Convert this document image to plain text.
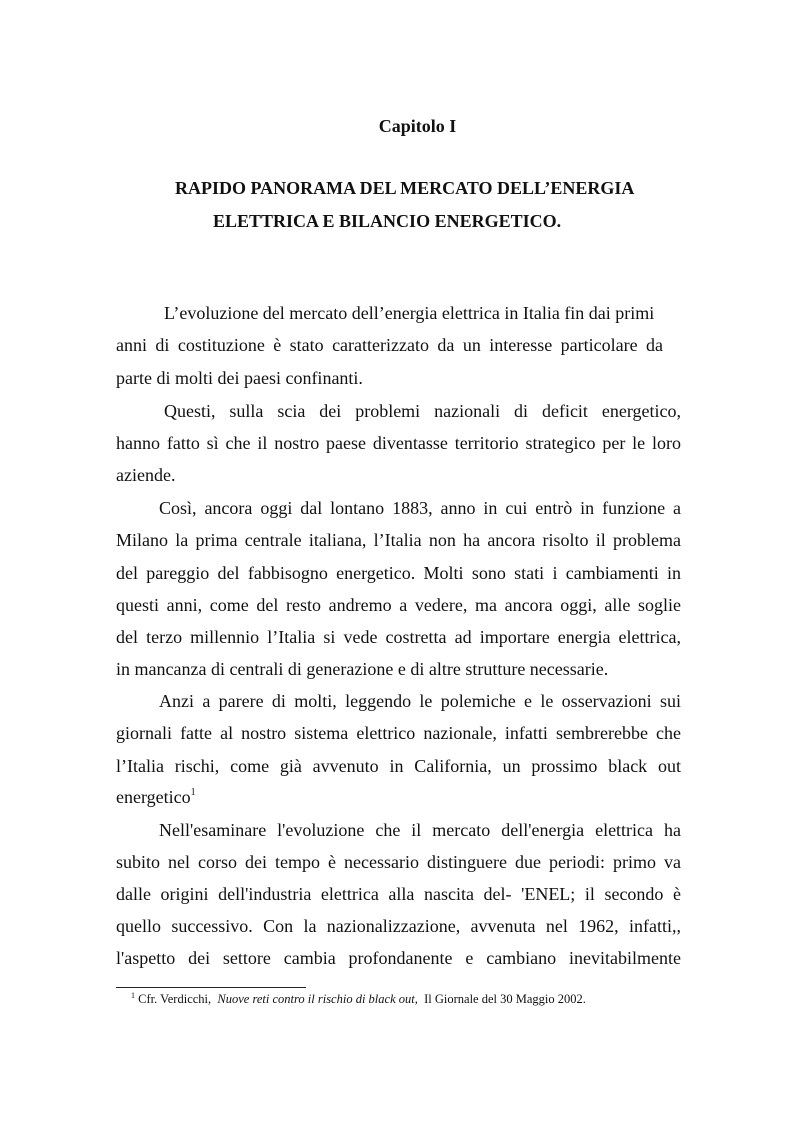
Capitolo I
RAPIDO PANORAMA DEL MERCATO DELL’ENERGIA
ELETTRICA E BILANCIO ENERGETICO.
L’evoluzione del mercato dell’energia elettrica in Italia fin dai primi
anni di costituzione è stato caratterizzato da un interesse particolare da
parte di molti dei paesi confinanti.
Questi, sulla scia dei problemi nazionali di deficit energetico,
hanno fatto sì che il nostro paese diventasse territorio strategico per le loro
aziende.
Così, ancora oggi dal lontano 1883, anno in cui entrò in funzione a
Milano la prima centrale italiana, l’Italia non ha ancora risolto il problema
del pareggio del fabbisogno energetico. Molti sono stati i cambiamenti in
questi anni, come del resto andremo a vedere, ma ancora oggi, alle soglie
del terzo millennio l’Italia si vede costretta ad importare energia elettrica,
in mancanza di centrali di generazione e di altre strutture necessarie.
Anzi a parere di molti, leggendo le polemiche e le osservazioni sui
giornali fatte al nostro sistema elettrico nazionale, infatti sembrerebbe che
l’Italia rischi, come già avvenuto in California, un prossimo black out
energetico$^1$
Nell'esaminare l'evoluzione che il mercato dell'energia elettrica ha
subito nel corso dei tempo è necessario distinguere due periodi: primo va
dalle origini dell'industria elettrica alla nascita del- 'ENEL; il secondo è
quello successivo. Con la nazionalizzazione, avvenuta nel 1962, infatti,,
l'aspetto dei settore cambia profondanente e cambiano inevitabilmente
$^1$ Cfr. Verdicchi, Nuove reti contro il rischio di black out, Il Giornale del 30 Maggio 2002.
